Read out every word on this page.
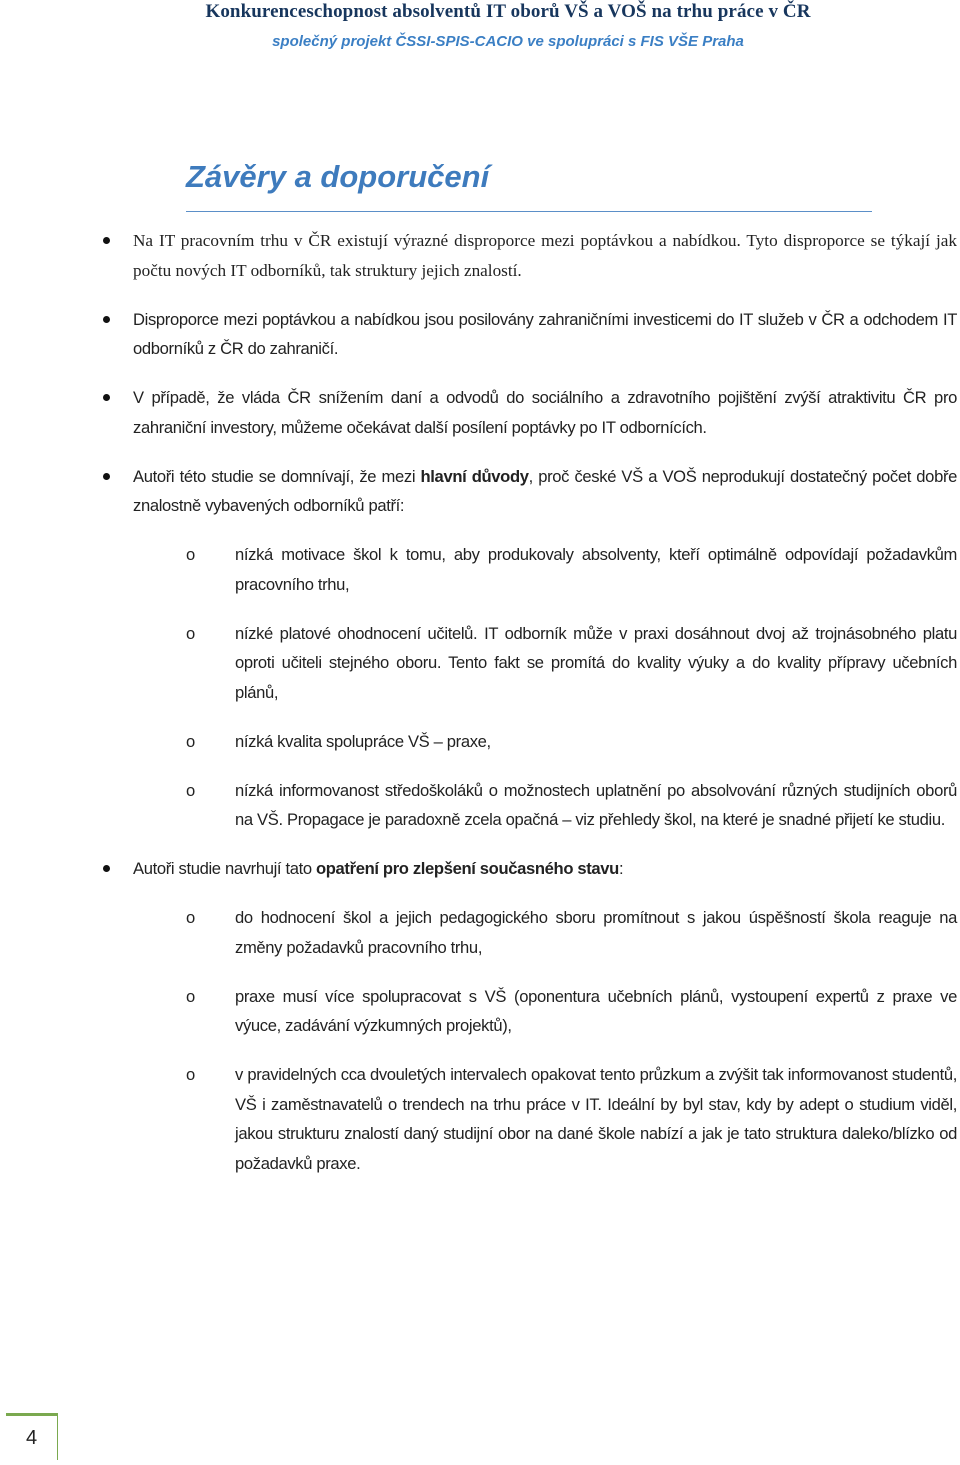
Konkurenceschopnost absolventů IT oborů VŠ a VOŠ na trhu práce v ČR
společný projekt ČSSI-SPIS-CACIO ve spolupráci s FIS VŠE Praha
Závěry a doporučení
Na IT pracovním trhu v ČR existují výrazné disproporce mezi poptávkou a nabídkou. Tyto disproporce se týkají jak počtu nových IT odborníků, tak struktury jejich znalostí.
Disproporce mezi poptávkou a nabídkou jsou posilovány zahraničními investicemi do IT služeb v ČR a odchodem IT odborníků z ČR do zahraničí.
V případě, že vláda ČR snížením daní a odvodů do sociálního a zdravotního pojištění zvýší atraktivitu ČR pro zahraniční investory, můžeme očekávat další posílení poptávky po IT odbornících.
Autoři této studie se domnívají, že mezi hlavní důvody, proč české VŠ a VOŠ neprodukují dostatečný počet dobře znalostně vybavených odborníků patří:
o nízká motivace škol k tomu, aby produkovaly absolventy, kteří optimálně odpovídají požadavkům pracovního trhu,
o nízké platové ohodnocení učitelů. IT odborník může v praxi dosáhnout dvoj až trojnásobného platu oproti učiteli stejného oboru. Tento fakt se promítá do kvality výuky a do kvality přípravy učebních plánů,
o nízká kvalita spolupráce VŠ – praxe,
o nízká informovanost středoškoláků o možnostech uplatnění po absolvování různých studijních oborů na VŠ. Propagace je paradoxně zcela opačná – viz přehledy škol, na které je snadné přijetí ke studiu.
Autoři studie navrhují tato opatření pro zlepšení současného stavu:
o do hodnocení škol a jejich pedagogického sboru promítnout s jakou úspěšností škola reaguje na změny požadavků pracovního trhu,
o praxe musí více spolupracovat s VŠ (oponentura učebních plánů, vystoupení expertů z praxe ve výuce, zadávání výzkumných projektů),
o v pravidelných cca dvouletých intervalech opakovat tento průzkum a zvýšit tak informovanost studentů, VŠ i zaměstnavatelů o trendech na trhu práce v IT. Ideální by byl stav, kdy by adept o studium viděl, jakou strukturu znalostí daný studijní obor na dané škole nabízí a jak je tato struktura daleko/blízko od požadavků praxe.
4
